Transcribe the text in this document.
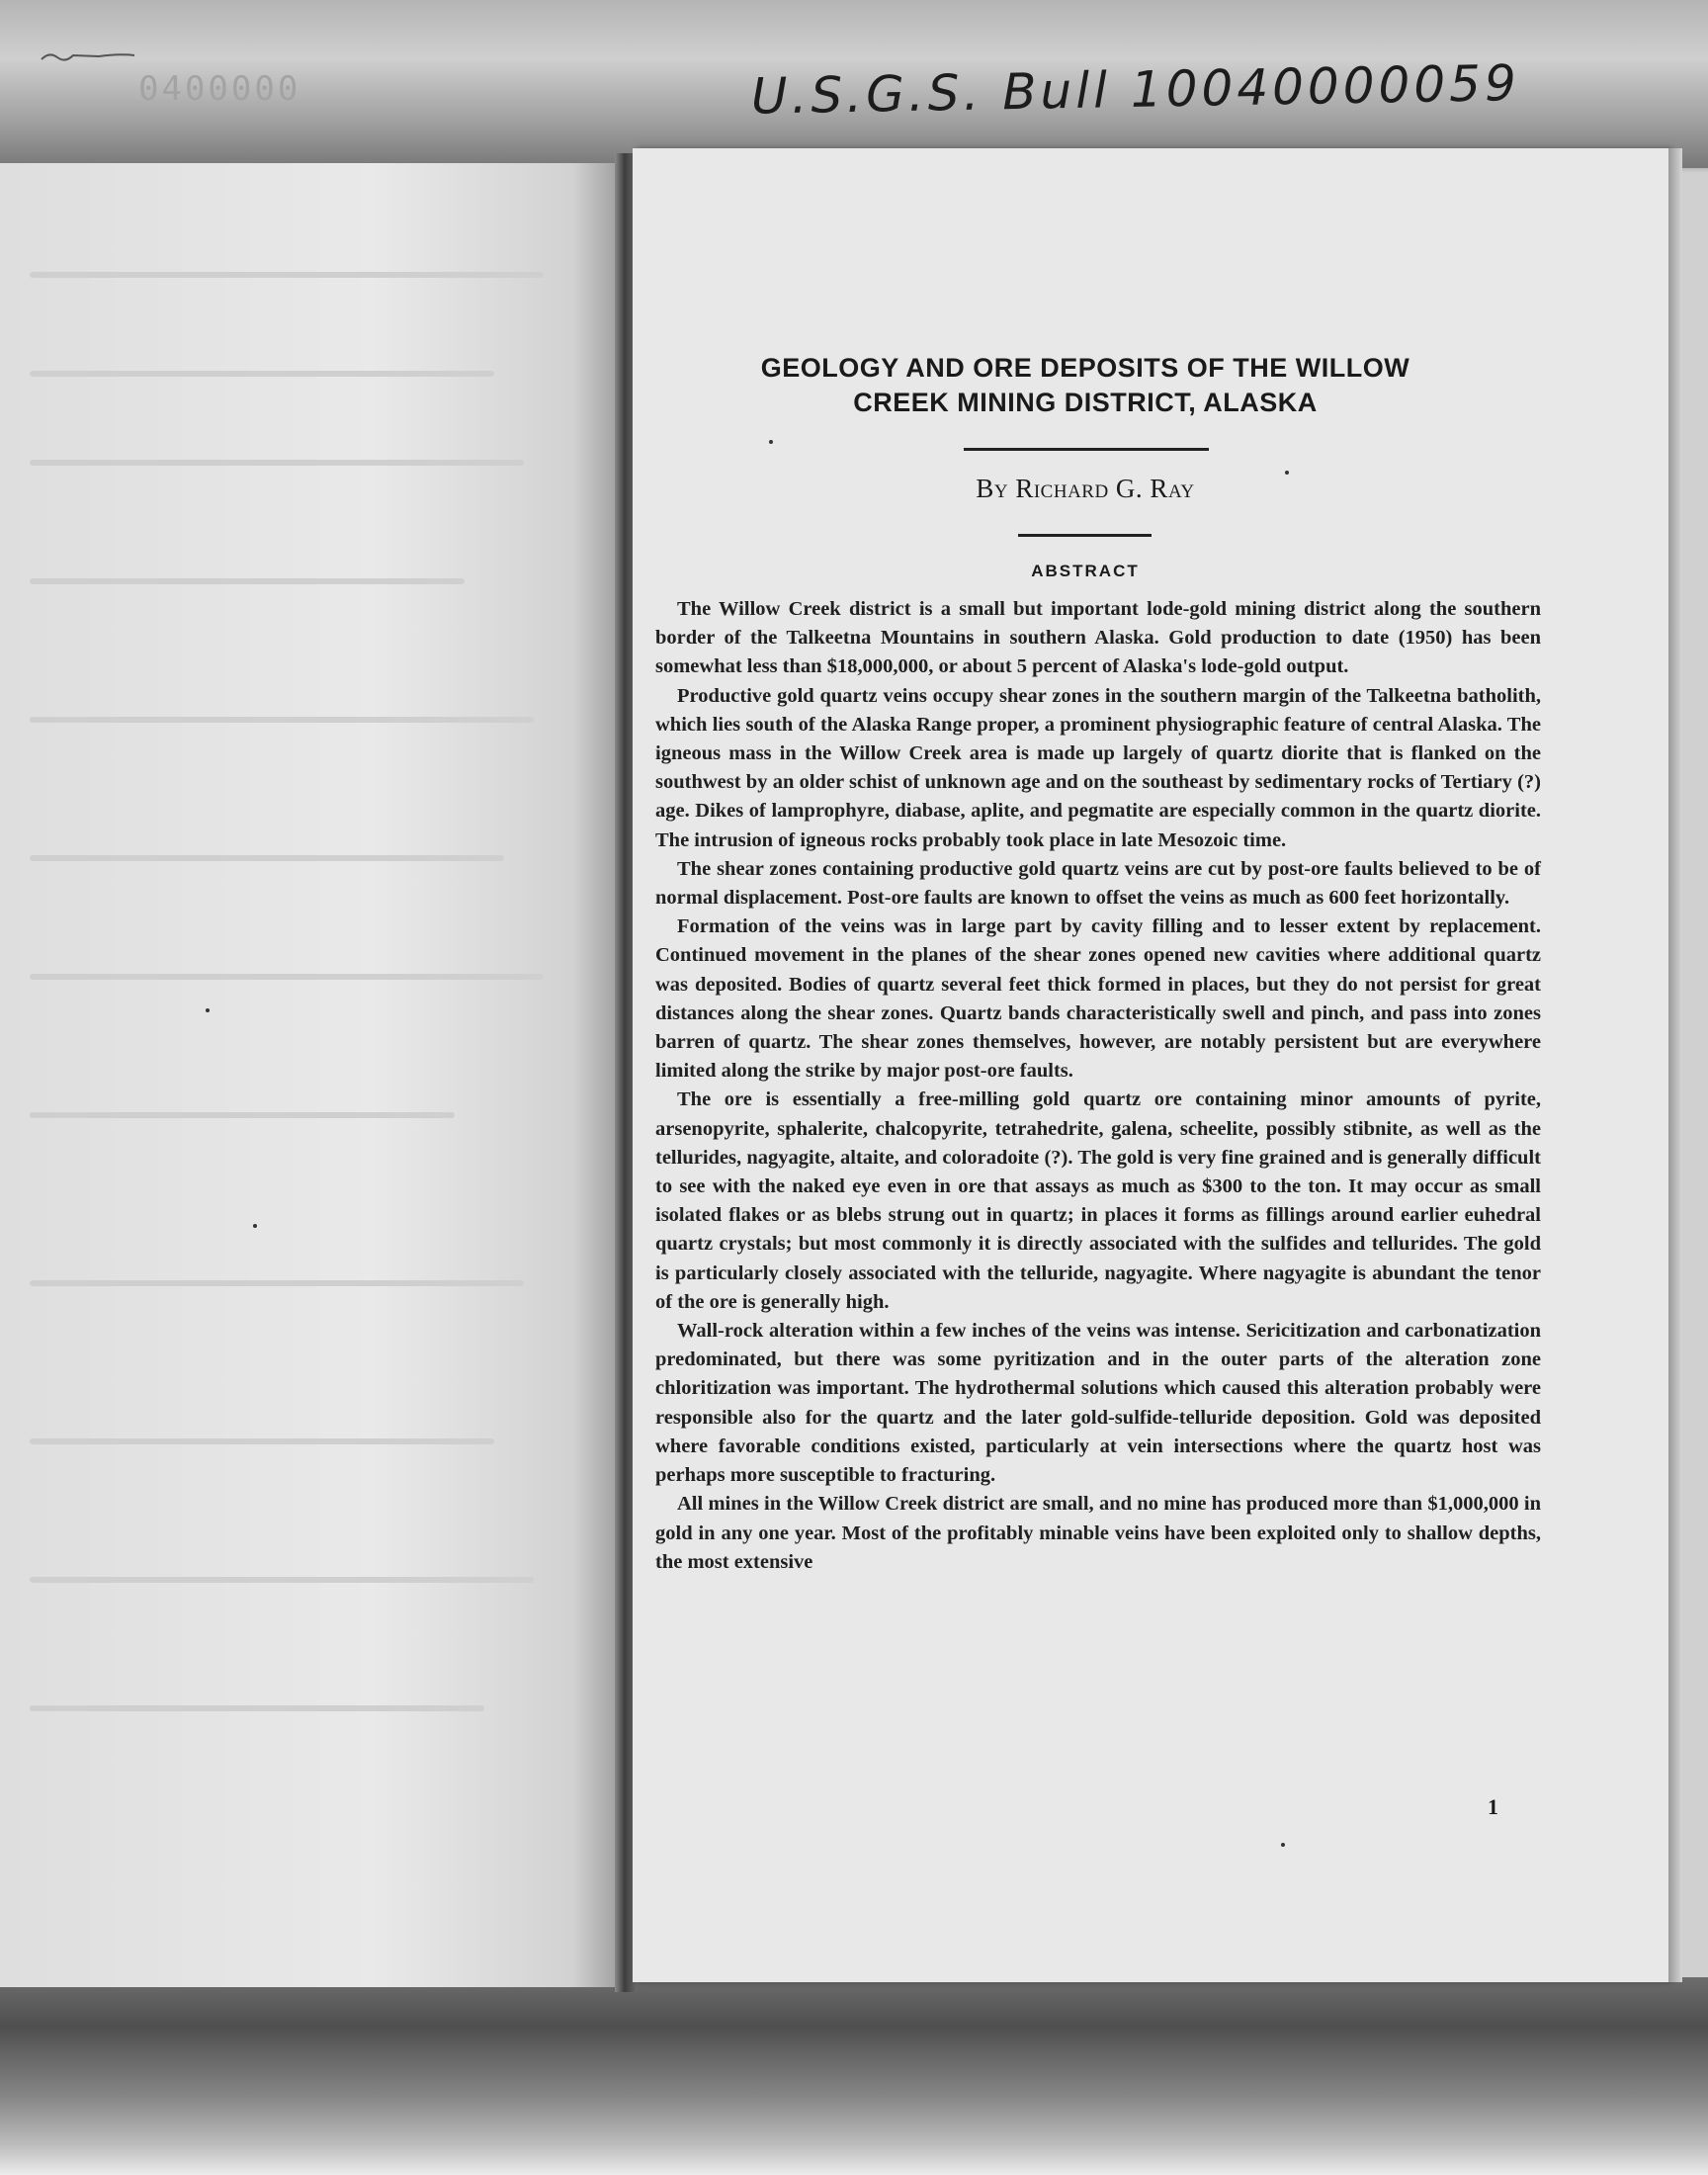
0400000	U.S.G.S. Bull 10040000059
GEOLOGY AND ORE DEPOSITS OF THE WILLOW
CREEK MINING DISTRICT, ALASKA
By Richard G. Ray
ABSTRACT

The Willow Creek district is a small but important lode-gold mining district along the southern border of the Talkeetna Mountains in southern Alaska. Gold production to date (1950) has been somewhat less than $18,000,000, or about 5 percent of Alaska's lode-gold output.

Productive gold quartz veins occupy shear zones in the southern margin of the Talkeetna batholith, which lies south of the Alaska Range proper, a prominent physiographic feature of central Alaska. The igneous mass in the Willow Creek area is made up largely of quartz diorite that is flanked on the southwest by an older schist of unknown age and on the southeast by sedimentary rocks of Tertiary (?) age. Dikes of lamprophyre, diabase, aplite, and pegmatite are especially common in the quartz diorite. The intrusion of igneous rocks probably took place in late Mesozoic time.

The shear zones containing productive gold quartz veins are cut by post-ore faults believed to be of normal displacement. Post-ore faults are known to offset the veins as much as 600 feet horizontally.

Formation of the veins was in large part by cavity filling and to lesser extent by replacement. Continued movement in the planes of the shear zones opened new cavities where additional quartz was deposited. Bodies of quartz several feet thick formed in places, but they do not persist for great distances along the shear zones. Quartz bands characteristically swell and pinch, and pass into zones barren of quartz. The shear zones themselves, however, are notably persistent but are everywhere limited along the strike by major post-ore faults.

The ore is essentially a free-milling gold quartz ore containing minor amounts of pyrite, arsenopyrite, sphalerite, chalcopyrite, tetrahedrite, galena, scheelite, possibly stibnite, as well as the tellurides, nagyagite, altaite, and coloradoite (?). The gold is very fine grained and is generally difficult to see with the naked eye even in ore that assays as much as $300 to the ton. It may occur as small isolated flakes or as blebs strung out in quartz; in places it forms as fillings around earlier euhedral quartz crystals; but most commonly it is directly associated with the sulfides and tellurides. The gold is particularly closely associated with the telluride, nagyagite. Where nagyagite is abundant the tenor of the ore is generally high.

Wall-rock alteration within a few inches of the veins was intense. Sericitization and carbonatization predominated, but there was some pyritization and in the outer parts of the alteration zone chloritization was important. The hydrothermal solutions which caused this alteration probably were responsible also for the quartz and the later gold-sulfide-telluride deposition. Gold was deposited where favorable conditions existed, particularly at vein intersections where the quartz host was perhaps more susceptible to fracturing.

All mines in the Willow Creek district are small, and no mine has produced more than $1,000,000 in gold in any one year. Most of the profitably minable veins have been exploited only to shallow depths, the most extensive

1
